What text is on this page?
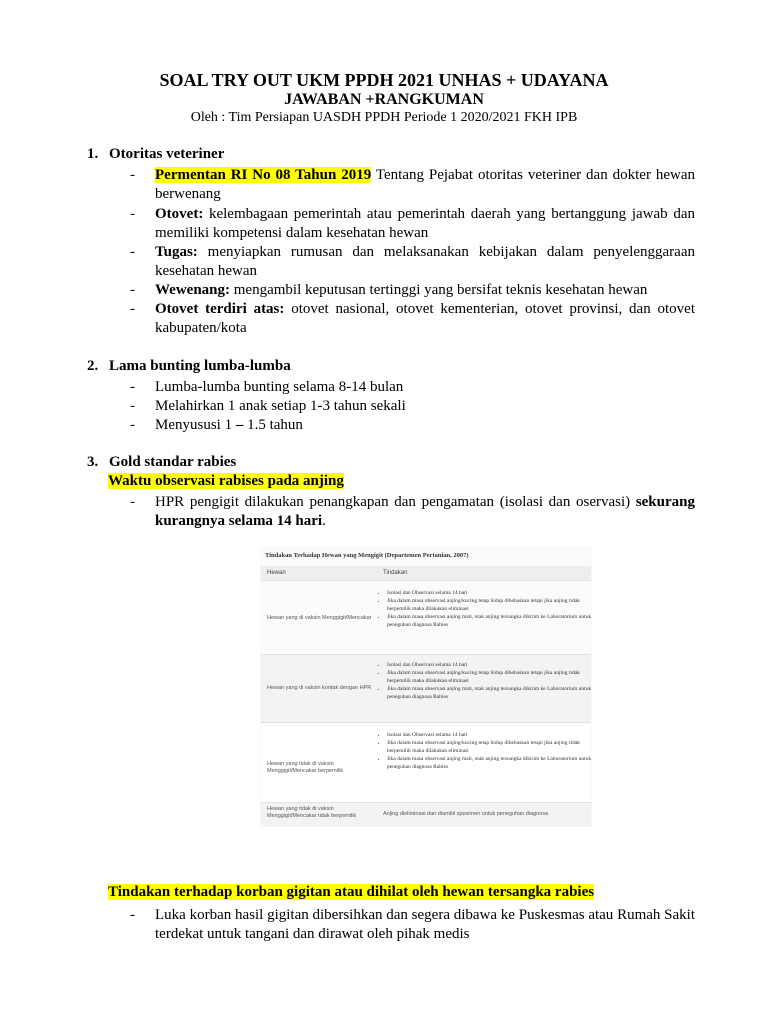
SOAL TRY OUT UKM PPDH 2021 UNHAS + UDAYANA
JAWABAN +RANGKUMAN
Oleh : Tim Persiapan UASDH PPDH Periode 1 2020/2021 FKH IPB
1. Otoritas veteriner
- Permentan RI No 08 Tahun 2019 Tentang Pejabat otoritas veteriner dan dokter hewan berwenang
- Otovet: kelembagaan pemerintah atau pemerintah daerah yang bertanggung jawab dan memiliki kompetensi dalam kesehatan hewan
- Tugas: menyiapkan rumusan dan melaksanakan kebijakan dalam penyelenggaraan kesehatan hewan
- Wewenang: mengambil keputusan tertinggi yang bersifat teknis kesehatan hewan
- Otovet terdiri atas: otovet nasional, otovet kementerian, otovet provinsi, dan otovet kabupaten/kota
2. Lama bunting lumba-lumba
- Lumba-lumba bunting selama 8-14 bulan
- Melahirkan 1 anak setiap 1-3 tahun sekali
- Menyususi 1 – 1.5 tahun
3. Gold standar rabies
Waktu observasi rabises pada anjing
- HPR pengigit dilakukan penangkapan dan pengamatan (isolasi dan oservasi) sekurang kurangnya selama 14 hari.
Tindakan Terhadap Hewan yang Mengigit (Departemen Pertanian, 2007)
Hewan	Tindakan
Hewan yang di vaksin Menggigit/Mencakar
• Isolasi dan Observasi selama 14 hari
• Jika dalam masa observasi anjing/kucing tetap hidup dibebaskan tetapi jika anjing tidak berpemilik maka dilakukan eliminasi
• Jika dalam masa observasi anjing mati, otak anjing tersangka dikirim ke Laboratorium untuk peneguhan diagnosa Rabies
Hewan yang di vaksin kontak dengan HPR
• Isolasi dan Observasi selama 14 hari
• Jika dalam masa observasi anjing/kucing tetap hidup dibebaskan tetapi jika anjing tidak berpemilik maka dilakukan eliminasi
• Jika dalam masa observasi anjing mati, otak anjing tersangka dikirim ke Laboratorium untuk peneguhan diagnosa Rabies
Hewan yang tidak di vaksin Menggigit/Mencakar berpemilik
• Isolasi dan Observasi selama 14 hari
• Jika dalam masa observasi anjing/kucing tetap hidup dibebaskan tetapi jika anjing tidak berpemilik maka dilakukan eliminasi
• Jika dalam masa observasi anjing mati, otak anjing tersangka dikirim ke Laboratorium untuk peneguhan diagnosa Rabies
Hewan yang tidak di vaksin Menggigit/Mencakar tidak berpemilik	Anjing dieliminasi dan diambil spesimen untuk peneguhan diagnosa
Tindakan terhadap korban gigitan atau dihilat oleh hewan tersangka rabies
- Luka korban hasil gigitan dibersihkan dan segera dibawa ke Puskesmas atau Rumah Sakit terdekat untuk tangani dan dirawat oleh pihak medis
